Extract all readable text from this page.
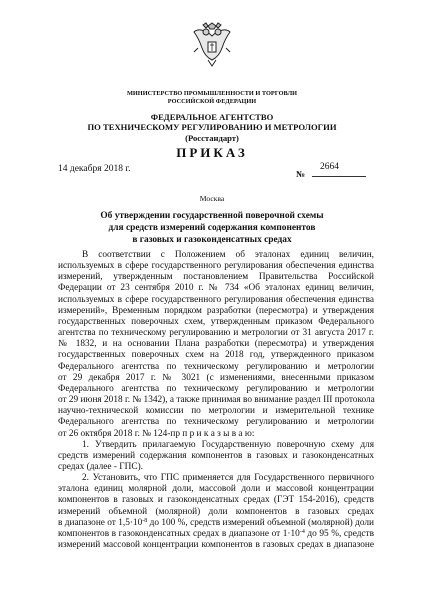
МИНИСТЕРСТВО ПРОМЫШЛЕННОСТИ И ТОРГОВЛИ
РОССИЙСКОЙ ФЕДЕРАЦИИ
ФЕДЕРАЛЬНОЕ АГЕНТСТВО
ПО ТЕХНИЧЕСКОМУ РЕГУЛИРОВАНИЮ И МЕТРОЛОГИИ
(Росстандарт)
ПРИКАЗ
14 декабря 2018 г.	№
2664
Москва
Об утверждении государственной поверочной схемы
для средств измерений содержания компонентов
в газовых и газоконденсатных средах
В соответствии с Положением об эталонах единиц величин,
используемых в сфере государственного регулирования обеспечения единства
измерений, утвержденным постановлением Правительства Российской
Федерации от 23 сентября 2010 г. № 734 «Об эталонах единиц величин,
используемых в сфере государственного регулирования обеспечения единства
измерений», Временным порядком разработки (пересмотра) и утверждения
государственных поверочных схем, утвержденным приказом Федерального
агентства по техническому регулированию и метрологии от 31 августа 2017 г.
№ 1832, и на основании Плана разработки (пересмотра) и утверждения
государственных поверочных схем на 2018 год, утвержденного приказом
Федерального агентства по техническому регулированию и метрологии
от 29 декабря 2017 г. № 3021 (с изменениями, внесенными приказом
Федерального агентства по техническому регулированию и метрологии
от 29 июня 2018 г. № 1342), а также принимая во внимание раздел III протокола
научно-технической комиссии по метрологии и измерительной технике
Федерального агентства по техническому регулированию и метрологии
от 26 октября 2018 г. № 124-пр п р и к а з ы в а ю:
1. Утвердить прилагаемую Государственную поверочную схему для
средств измерений содержания компонентов в газовых и газоконденсатных
средах (далее - ГПС).
2. Установить, что ГПС применяется для Государственного первичного
эталона единиц молярной доли, массовой доли и массовой концентрации
компонентов в газовых и газоконденсатных средах (ГЭТ 154-2016), средств
измерений объемной (молярной) доли компонентов в газовых средах
в диапазоне от $1,5\cdot 10^{-8}$ до 100 %, средств измерений объемной (молярной) доли
компонентов в газоконденсатных средах в диапазоне от $1\cdot 10^{-4}$ до 95 %, средств
измерений массовой концентрации компонентов в газовых средах в диапазоне
